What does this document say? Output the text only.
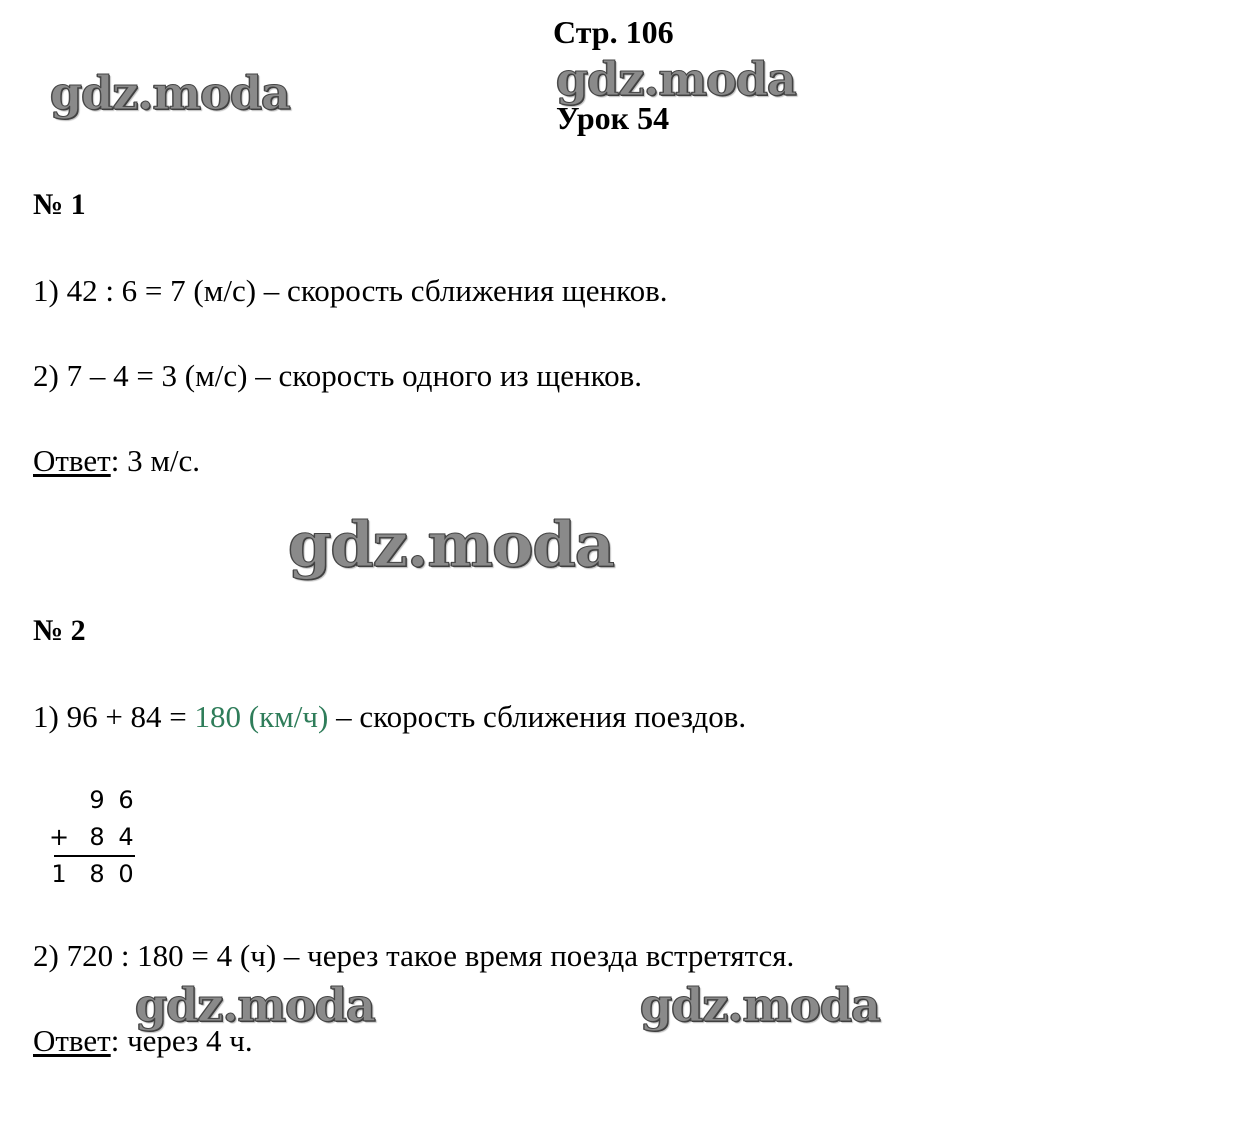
Стр. 106
Урок 54
gdz.moda	gdz.moda
gdz.moda
gdz.moda	gdz.moda
№ 1
1) 42 : 6 = 7 (м/с) – скорость сближения щенков.
2) 7 – 4 = 3 (м/с) – скорость одного из щенков.
Ответ: 3 м/с.
№ 2
1) 96 + 84 = 180 (км/ч) – скорость сближения поездов.
9 6
+ 8 4
1 8 0
2) 720 : 180 = 4 (ч) – через такое время поезда встретятся.
Ответ: через 4 ч.
